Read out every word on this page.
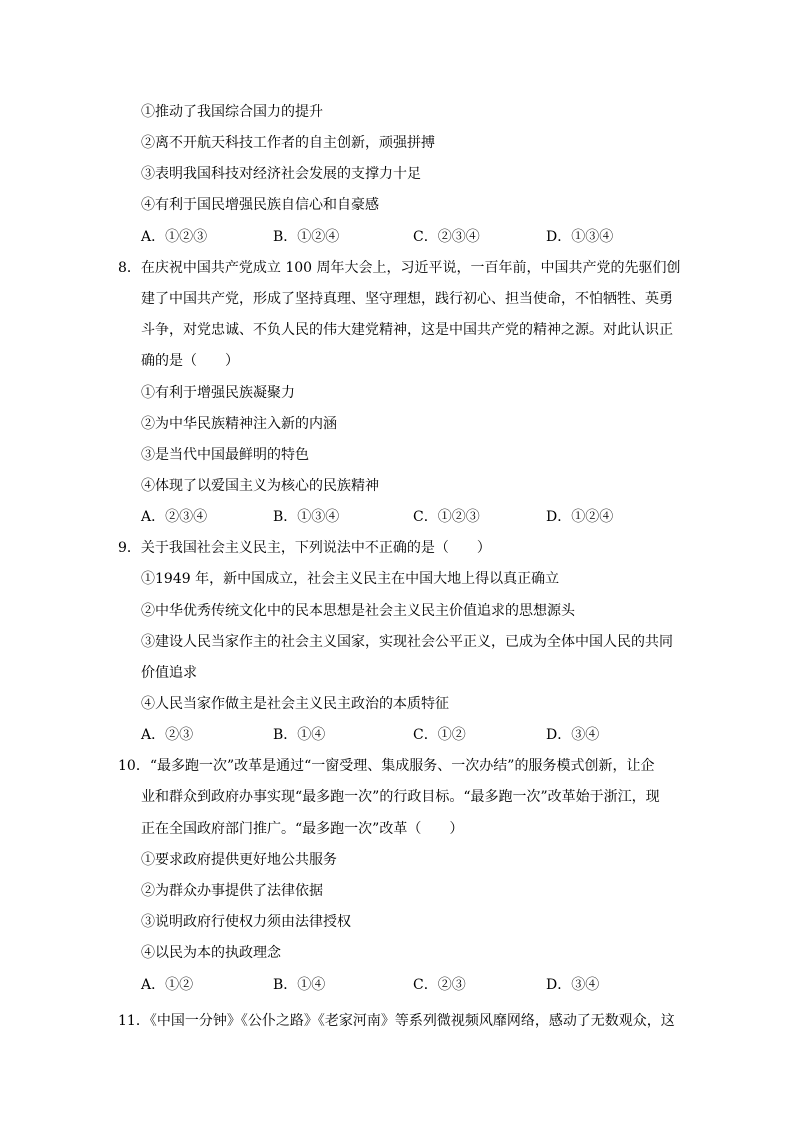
①推动了我国综合国力的提升
②离不开航天科技工作者的自主创新，顽强拼搏
③表明我国科技对经济社会发展的支撑力十足
④有利于国民增强民族自信心和自豪感
A．①②③	B．①②④	C．②③④	D．①③④
8．在庆祝中国共产党成立 100 周年大会上，习近平说，一百年前，中国共产党的先驱们创
建了中国共产党，形成了坚持真理、坚守理想，践行初心、担当使命，不怕牺牲、英勇
斗争，对党忠诚、不负人民的伟大建党精神，这是中国共产党的精神之源。对此认识正
确的是（　　）
①有利于增强民族凝聚力
②为中华民族精神注入新的内涵
③是当代中国最鲜明的特色
④体现了以爱国主义为核心的民族精神
A．②③④	B．①③④	C．①②③	D．①②④
9．关于我国社会主义民主，下列说法中不正确的是（　　）
①1949 年，新中国成立，社会主义民主在中国大地上得以真正确立
②中华优秀传统文化中的民本思想是社会主义民主价值追求的思想源头
③建设人民当家作主的社会主义国家，实现社会公平正义，已成为全体中国人民的共同
价值追求
④人民当家作做主是社会主义民主政治的本质特征
A．②③	B．①④	C．①②	D．③④
10．“最多跑一次”改革是通过“一窗受理、集成服务、一次办结”的服务模式创新，让企
业和群众到政府办事实现“最多跑一次”的行政目标。“最多跑一次”改革始于浙江，现
正在全国政府部门推广。“最多跑一次”改革（　　）
①要求政府提供更好地公共服务
②为群众办事提供了法律依据
③说明政府行使权力须由法律授权
④以民为本的执政理念
A．①②	B．①④	C．②③	D．③④
11．《中国一分钟》《公仆之路》《老家河南》等系列微视频风靡网络，感动了无数观众，这
